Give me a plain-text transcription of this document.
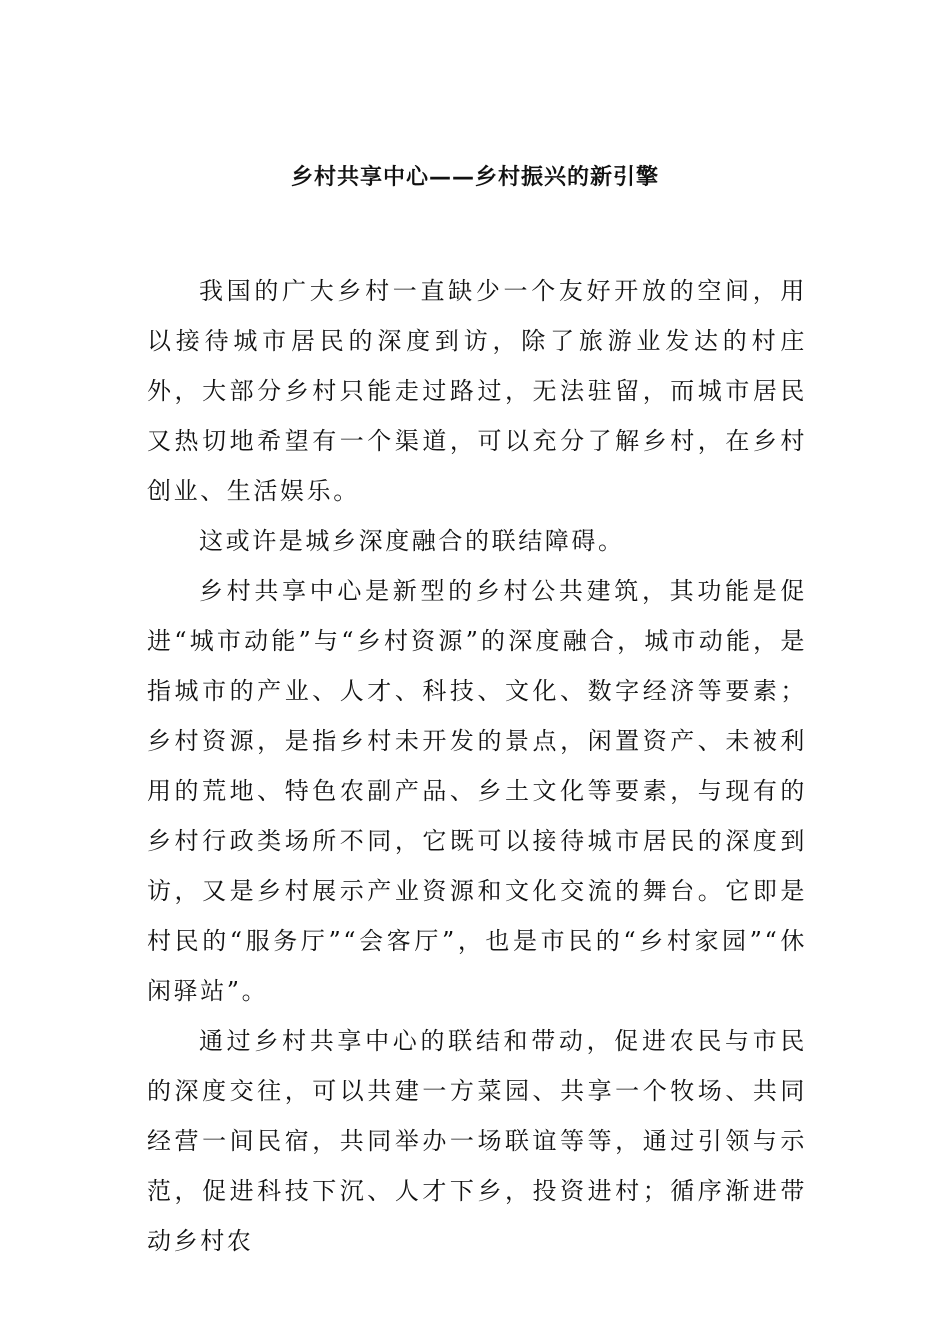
乡村共享中心——乡村振兴的新引擎

我国的广大乡村一直缺少一个友好开放的空间，用以接待城市居民的深度到访，除了旅游业发达的村庄外，大部分乡村只能走过路过，无法驻留，而城市居民又热切地希望有一个渠道，可以充分了解乡村，在乡村创业、生活娱乐。

这或许是城乡深度融合的联结障碍。

乡村共享中心是新型的乡村公共建筑，其功能是促进“城市动能”与“乡村资源”的深度融合，城市动能，是指城市的产业、人才、科技、文化、数字经济等要素；乡村资源，是指乡村未开发的景点，闲置资产、未被利用的荒地、特色农副产品、乡土文化等要素，与现有的乡村行政类场所不同，它既可以接待城市居民的深度到访，又是乡村展示产业资源和文化交流的舞台。它即是村民的“服务厅”“会客厅”，也是市民的“乡村家园”“休闲驿站”。

通过乡村共享中心的联结和带动，促进农民与市民的深度交往，可以共建一方菜园、共享一个牧场、共同经营一间民宿，共同举办一场联谊等等，通过引领与示范，促进科技下沉、人才下乡，投资进村；循序渐进带动乡村农
